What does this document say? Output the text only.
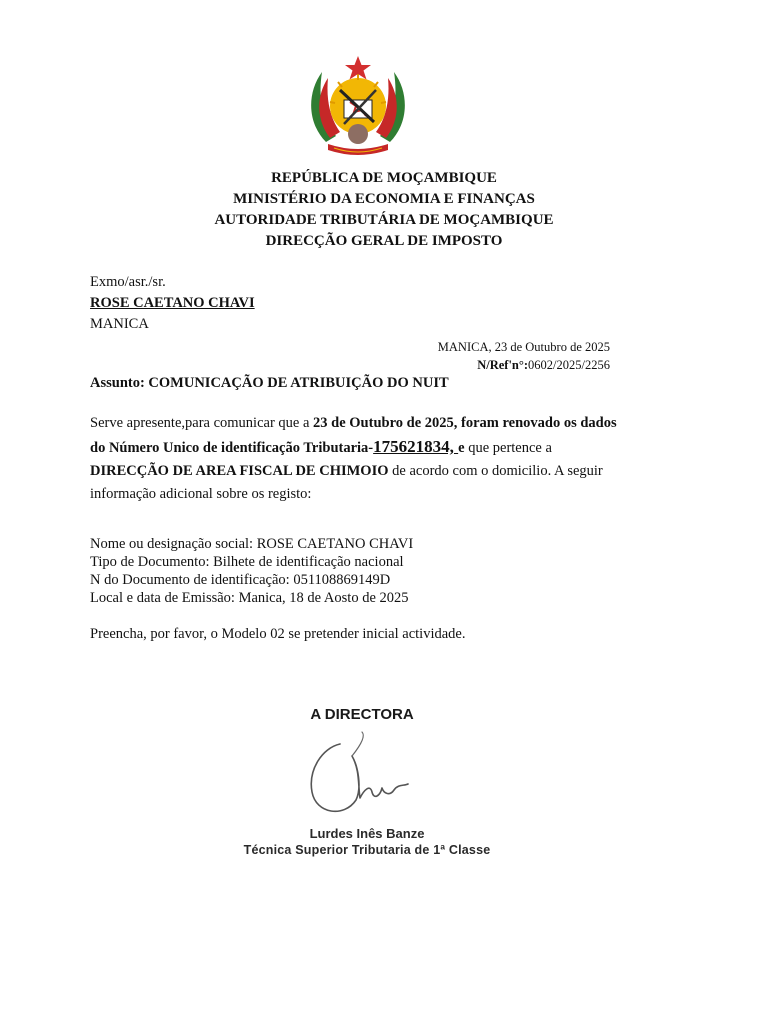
REPÚBLICA DE MOÇAMBIQUE
MINISTÉRIO DA ECONOMIA E FINANÇAS
AUTORIDADE TRIBUTÁRIA DE MOÇAMBIQUE
DIRECÇÃO GERAL DE IMPOSTO
Exmo/asr./sr.
ROSE CAETANO CHAVI
MANICA
MANICA, 23 de Outubro de 2025
N/Ref'n°:0602/2025/2256
Assunto: COMUNICAÇÃO DE ATRIBUIÇÃO DO NUIT
Serve apresente,para comunicar que a 23 de Outubro de 2025, foram renovado os dados do Número Unico de identificação Tributaria-175621834, e que pertence a DIRECÇÃO DE AREA FISCAL DE CHIMOIO de acordo com o domicilio. A seguir informação adicional sobre os registo:
Nome ou designação social: ROSE CAETANO CHAVI
Tipo de Documento: Bilhete de identificação nacional
N do Documento de identificação: 051108869149D
Local e data de Emissão: Manica, 18 de Aosto de 2025
Preencha, por favor, o Modelo 02 se pretender inicial actividade.
A DIRECTORA
Lurdes Inês Banze
Técnica Superior Tributaria de 1ª Classe
